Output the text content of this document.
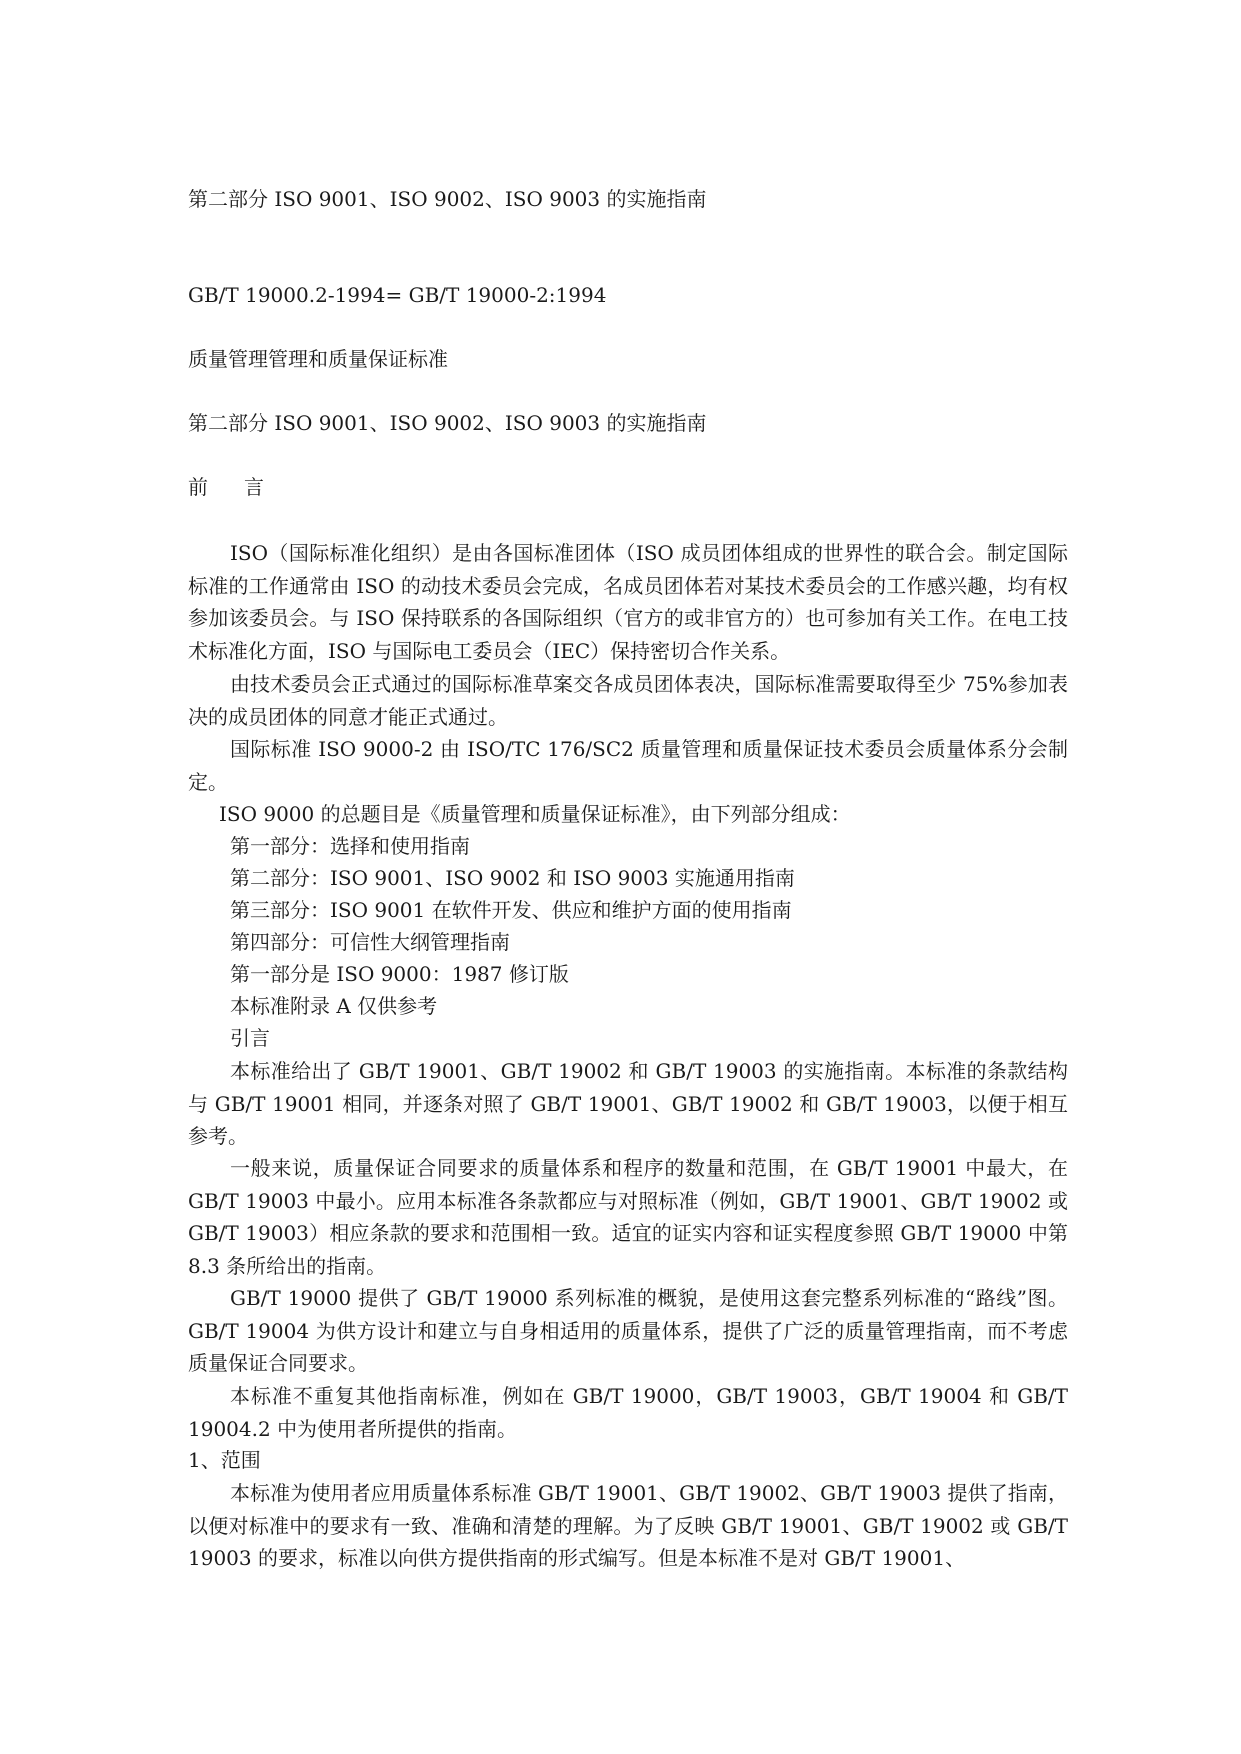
第二部分 ISO 9001、ISO 9002、ISO 9003 的实施指南
GB/T 19000.2-1994= GB/T 19000-2:1994
质量管理管理和质量保证标准
第二部分 ISO 9001、ISO 9002、ISO 9003 的实施指南
前 言
ISO（国际标准化组织）是由各国标准团体（ISO 成员团体组成的世界性的联合会。制定国际标准的工作通常由 ISO 的动技术委员会完成，名成员团体若对某技术委员会的工作感兴趣，均有权参加该委员会。与 ISO 保持联系的各国际组织（官方的或非官方的）也可参加有关工作。在电工技术标准化方面，ISO 与国际电工委员会（IEC）保持密切合作关系。
由技术委员会正式通过的国际标准草案交各成员团体表决，国际标准需要取得至少 75%参加表决的成员团体的同意才能正式通过。
国际标准 ISO 9000-2 由 ISO/TC 176/SC2 质量管理和质量保证技术委员会质量体系分会制定。
ISO 9000 的总题目是《质量管理和质量保证标准》，由下列部分组成：
第一部分：选择和使用指南
第二部分：ISO 9001、ISO 9002 和 ISO 9003 实施通用指南
第三部分：ISO 9001 在软件开发、供应和维护方面的使用指南
第四部分：可信性大纲管理指南
第一部分是 ISO 9000：1987 修订版
本标准附录 A 仅供参考
引言
本标准给出了 GB/T 19001、GB/T 19002 和 GB/T 19003 的实施指南。本标准的条款结构与 GB/T 19001 相同，并逐条对照了 GB/T 19001、GB/T 19002 和 GB/T 19003，以便于相互参考。
一般来说，质量保证合同要求的质量体系和程序的数量和范围，在 GB/T 19001 中最大，在 GB/T 19003 中最小。应用本标准各条款都应与对照标准（例如，GB/T 19001、GB/T 19002 或 GB/T 19003）相应条款的要求和范围相一致。适宜的证实内容和证实程度参照 GB/T 19000 中第 8.3 条所给出的指南。
GB/T 19000 提供了 GB/T 19000 系列标准的概貌，是使用这套完整系列标准的“路线”图。GB/T 19004 为供方设计和建立与自身相适用的质量体系，提供了广泛的质量管理指南，而不考虑质量保证合同要求。
本标准不重复其他指南标准，例如在 GB/T 19000，GB/T 19003，GB/T 19004 和 GB/T 19004.2 中为使用者所提供的指南。
1、范围
本标准为使用者应用质量体系标准 GB/T 19001、GB/T 19002、GB/T 19003 提供了指南，以便对标准中的要求有一致、准确和清楚的理解。为了反映 GB/T 19001、GB/T 19002 或 GB/T 19003 的要求，标准以向供方提供指南的形式编写。但是本标准不是对 GB/T 19001、
